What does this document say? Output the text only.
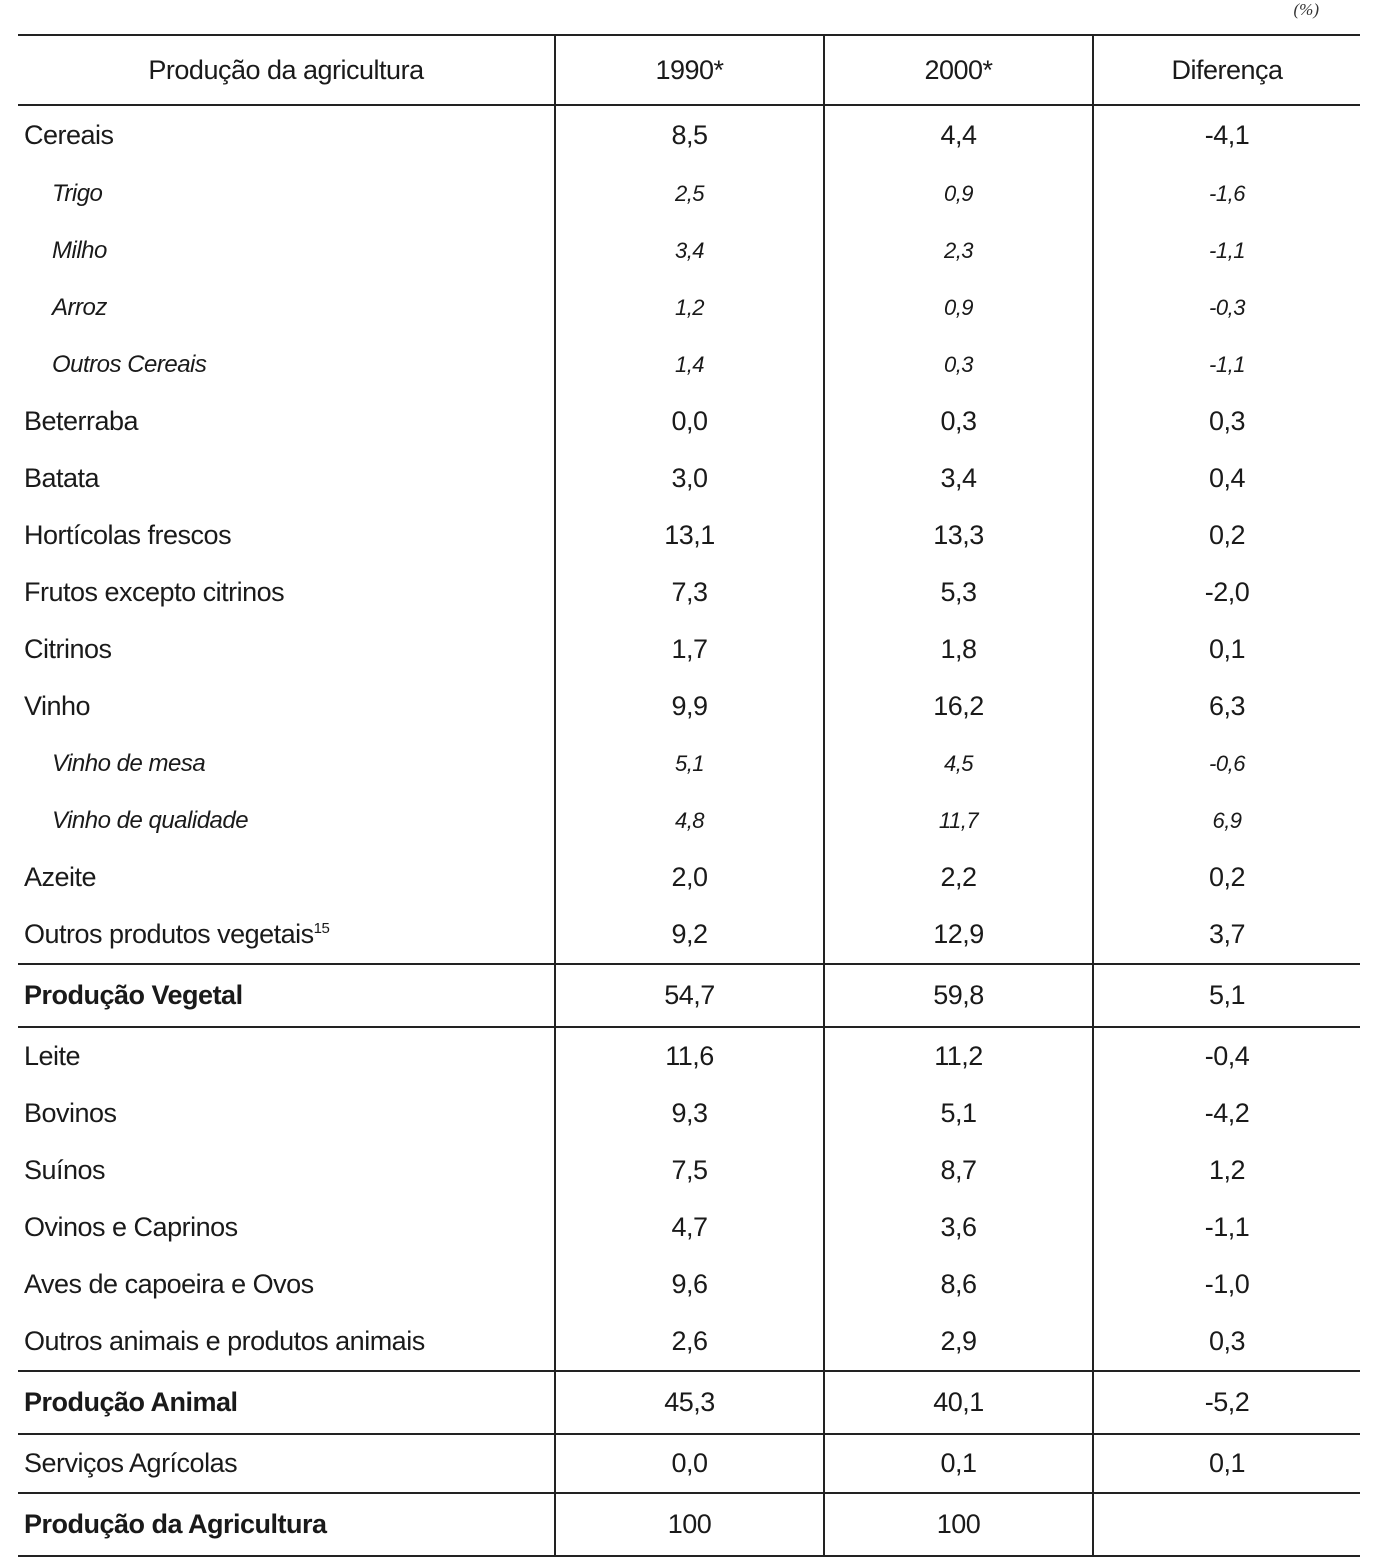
(%)
Produção da agricultura	1990*	2000*	Diferença
Cereais	8,5	4,4	-4,1
Trigo	2,5	0,9	-1,6
Milho	3,4	2,3	-1,1
Arroz	1,2	0,9	-0,3
Outros Cereais	1,4	0,3	-1,1
Beterraba	0,0	0,3	0,3
Batata	3,0	3,4	0,4
Hortícolas frescos	13,1	13,3	0,2
Frutos excepto citrinos	7,3	5,3	-2,0
Citrinos	1,7	1,8	0,1
Vinho	9,9	16,2	6,3
Vinho de mesa	5,1	4,5	-0,6
Vinho de qualidade	4,8	11,7	6,9
Azeite	2,0	2,2	0,2
Outros produtos vegetais$^{15}$	9,2	12,9	3,7
Produção Vegetal	54,7	59,8	5,1
Leite	11,6	11,2	-0,4
Bovinos	9,3	5,1	-4,2
Suínos	7,5	8,7	1,2
Ovinos e Caprinos	4,7	3,6	-1,1
Aves de capoeira e Ovos	9,6	8,6	-1,0
Outros animais e produtos animais	2,6	2,9	0,3
Produção Animal	45,3	40,1	-5,2
Serviços Agrícolas	0,0	0,1	0,1
Produção da Agricultura	100	100	
